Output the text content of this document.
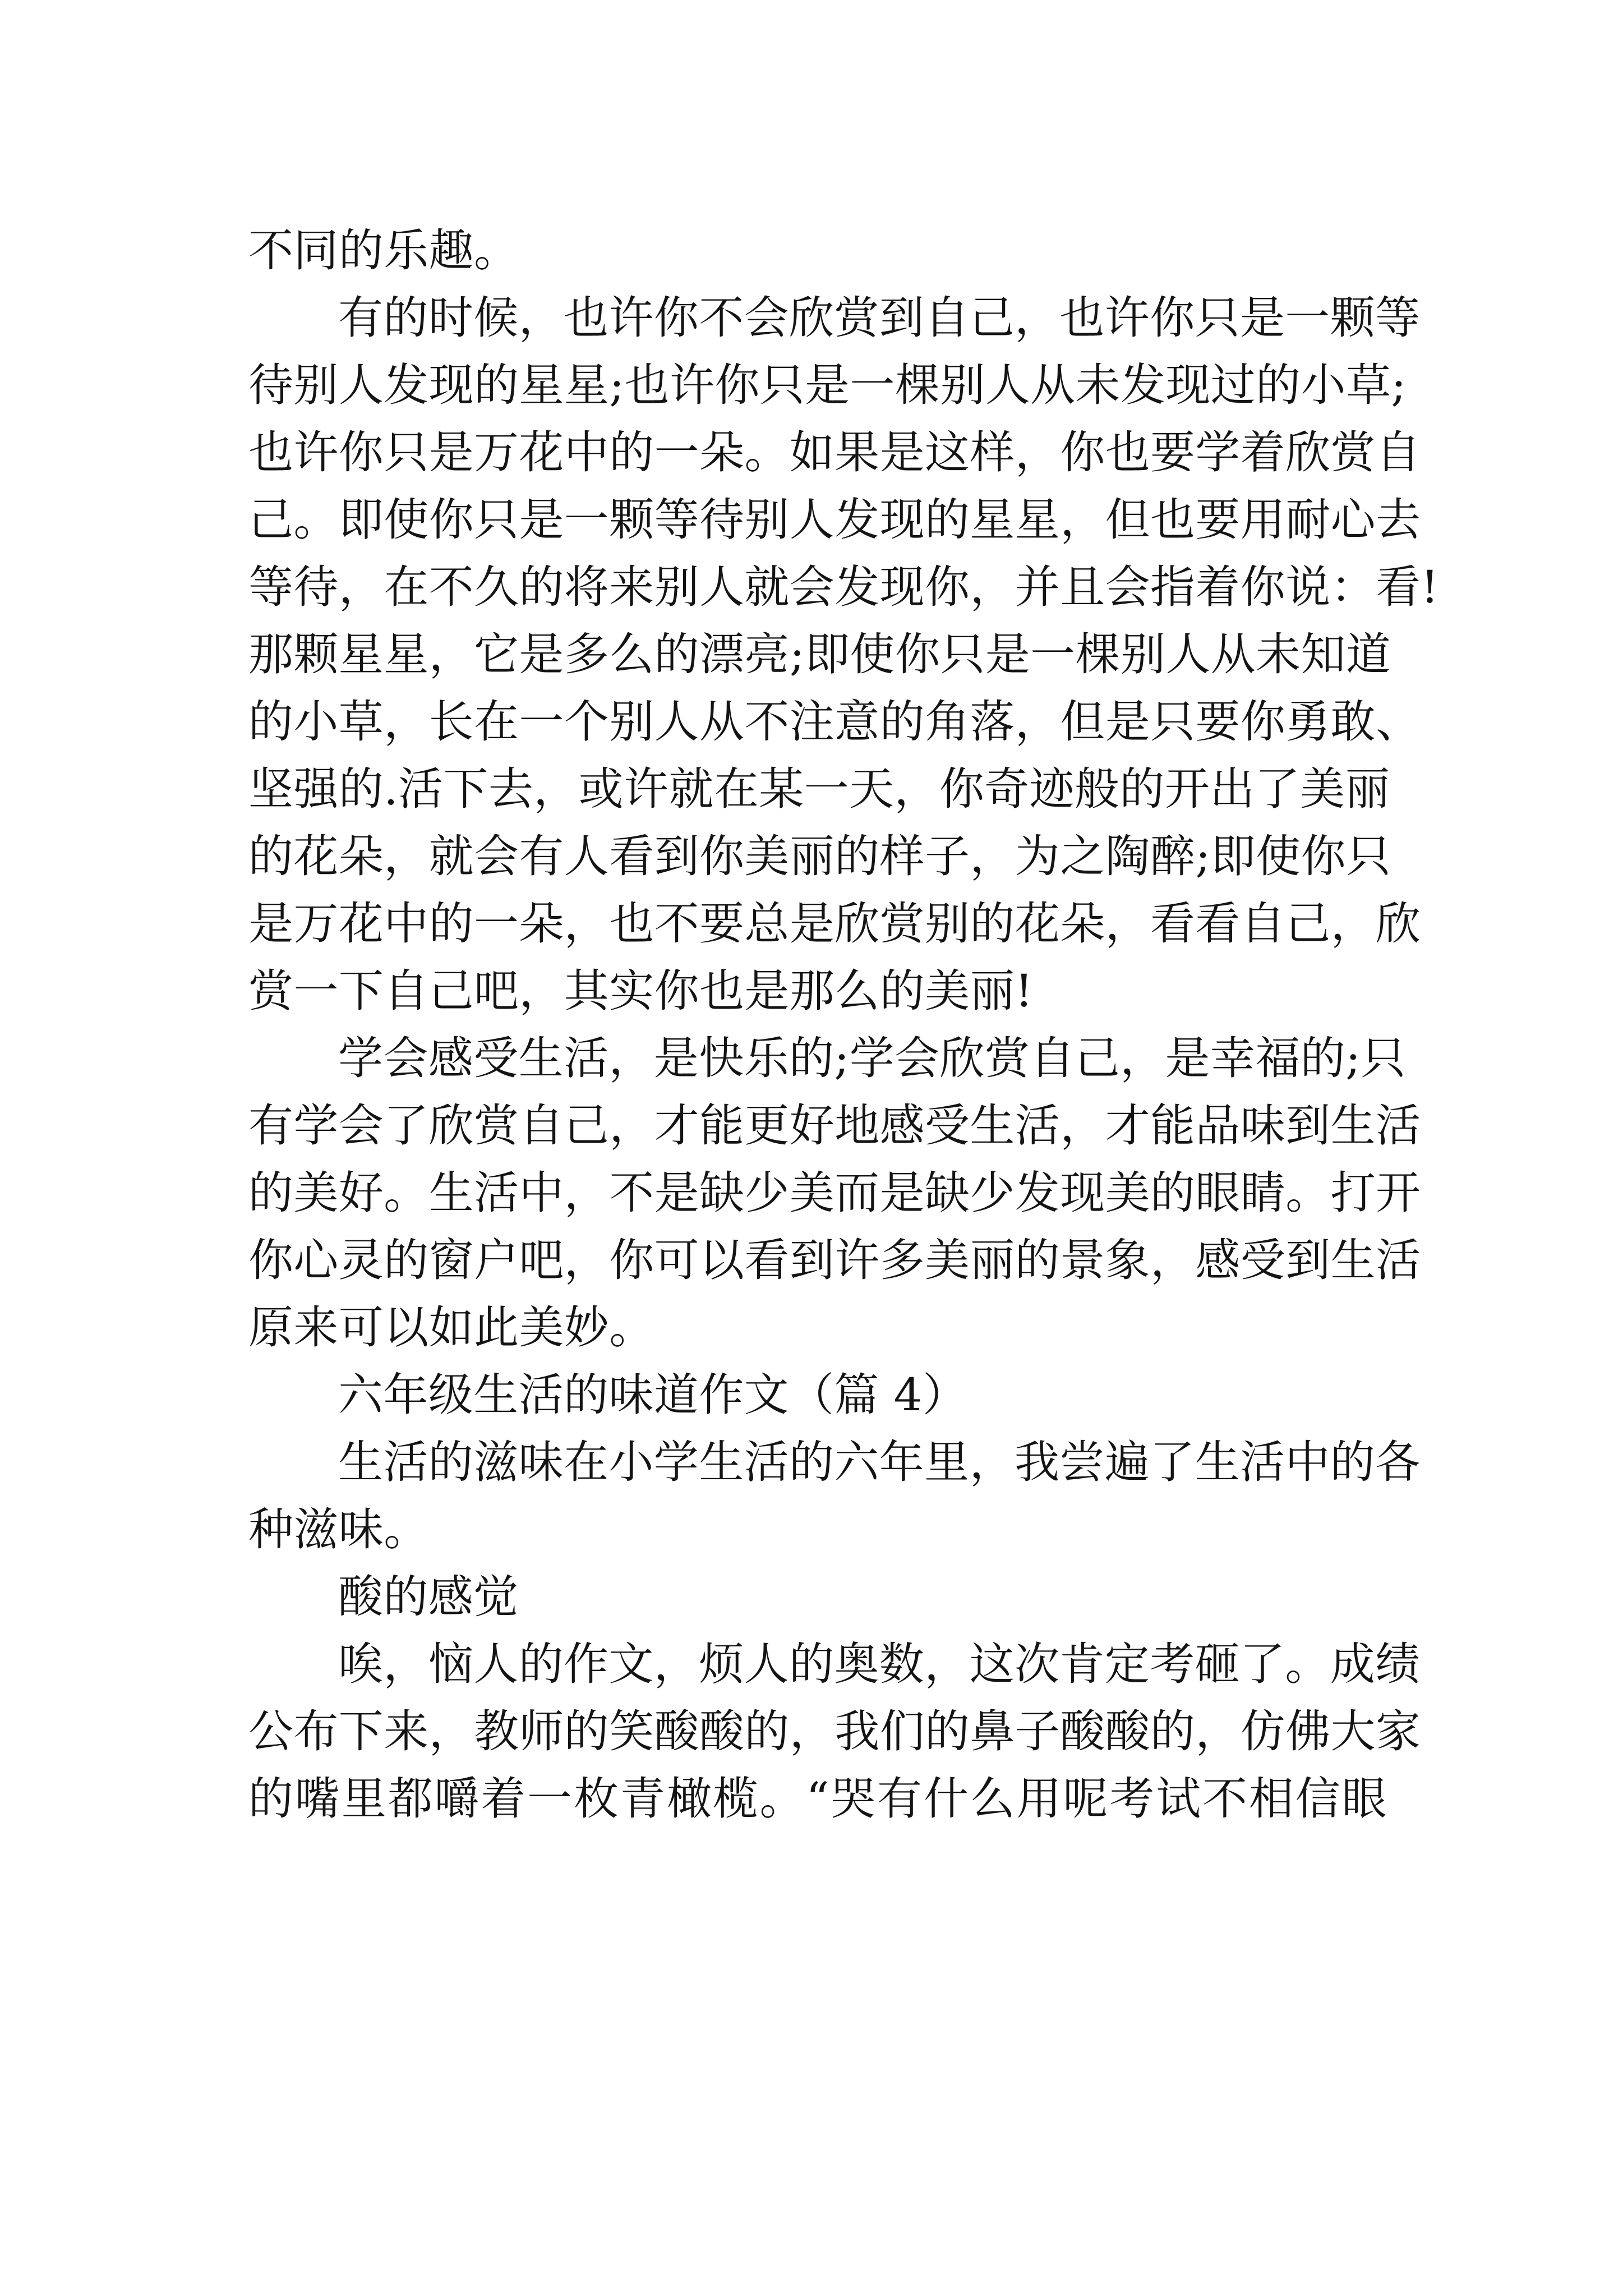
不同的乐趣。

有的时候，也许你不会欣赏到自己，也许你只是一颗等

待别人发现的星星;也许你只是一棵别人从未发现过的小草;

也许你只是万花中的一朵。如果是这样，你也要学着欣赏自

己。即使你只是一颗等待别人发现的星星，但也要用耐心去

等待，在不久的将来别人就会发现你，并且会指着你说：看!

那颗星星，它是多么的漂亮;即使你只是一棵别人从未知道

的小草，长在一个别人从不注意的角落，但是只要你勇敢、

坚强的.活下去，或许就在某一天，你奇迹般的开出了美丽

的花朵，就会有人看到你美丽的样子，为之陶醉;即使你只

是万花中的一朵，也不要总是欣赏别的花朵，看看自己，欣

赏一下自己吧，其实你也是那么的美丽!

学会感受生活，是快乐的;学会欣赏自己，是幸福的;只

有学会了欣赏自己，才能更好地感受生活，才能品味到生活

的美好。生活中，不是缺少美而是缺少发现美的眼睛。打开

你心灵的窗户吧，你可以看到许多美丽的景象，感受到生活

原来可以如此美妙。

六年级生活的味道作文（篇 4）

生活的滋味在小学生活的六年里，我尝遍了生活中的各

种滋味。

酸的感觉

唉，恼人的作文，烦人的奥数，这次肯定考砸了。成绩

公布下来，教师的笑酸酸的，我们的鼻子酸酸的，仿佛大家

的嘴里都嚼着一枚青橄榄。“哭有什么用呢考试不相信眼
